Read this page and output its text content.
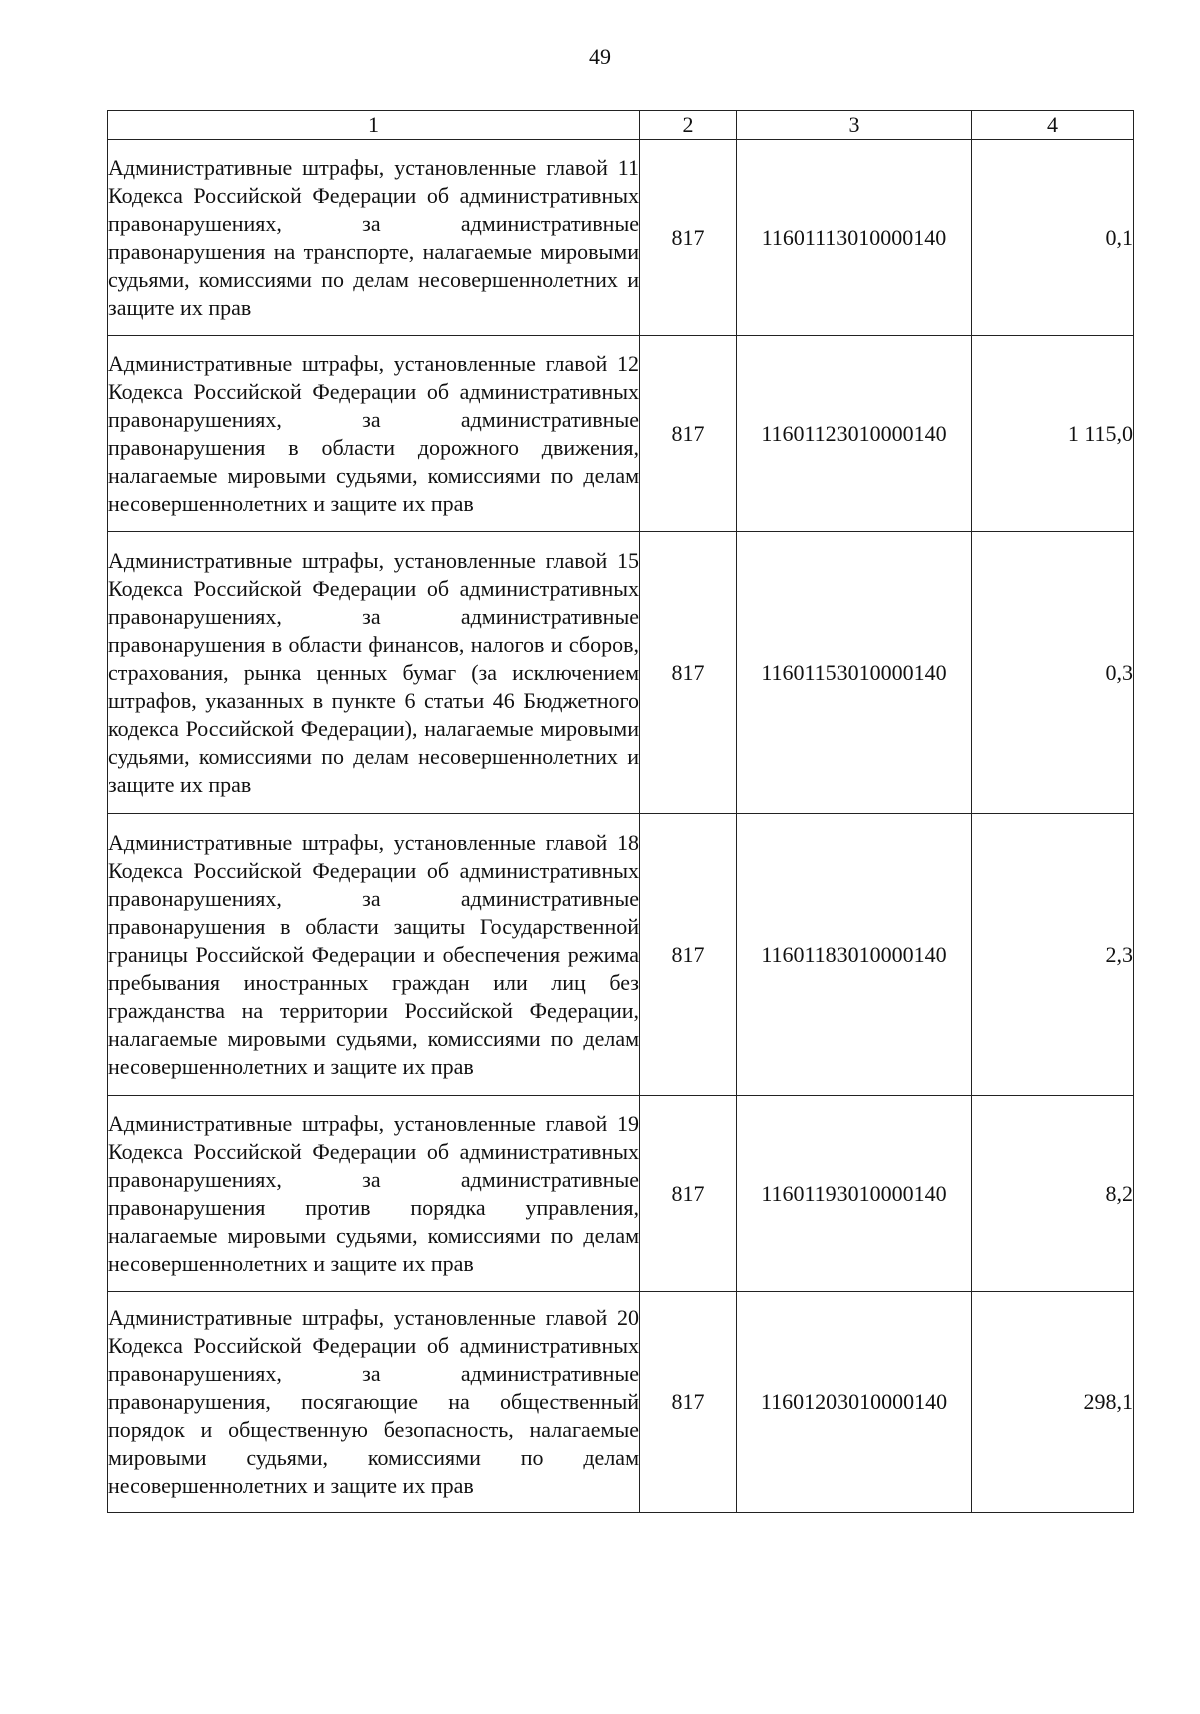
49
1	2	3	4
Административные штрафы, установленные главой 11 Кодекса Российской Федерации об административных правонарушениях, за административные правонарушения на транспорте, налагаемые мировыми судьями, комиссиями по делам несовершеннолетних и защите их прав	817	11601113010000140	0,1
Административные штрафы, установленные главой 12 Кодекса Российской Федерации об административных правонарушениях, за административные правонарушения в области дорожного движения, налагаемые мировыми судьями, комиссиями по делам несовершеннолетних и защите их прав	817	11601123010000140	1 115,0
Административные штрафы, установленные главой 15 Кодекса Российской Федерации об административных правонарушениях, за административные правонарушения в области финансов, налогов и сборов, страхования, рынка ценных бумаг (за исключением штрафов, указанных в пункте 6 статьи 46 Бюджетного кодекса Российской Федерации), налагаемые мировыми судьями, комиссиями по делам несовершеннолетних и защите их прав	817	11601153010000140	0,3
Административные штрафы, установленные главой 18 Кодекса Российской Федерации об административных правонарушениях, за административные правонарушения в области защиты Государственной границы Российской Федерации и обеспечения режима пребывания иностранных граждан или лиц без гражданства на территории Российской Федерации, налагаемые мировыми судьями, комиссиями по делам несовершеннолетних и защите их прав	817	11601183010000140	2,3
Административные штрафы, установленные главой 19 Кодекса Российской Федерации об административных правонарушениях, за административные правонарушения против порядка управления, налагаемые мировыми судьями, комиссиями по делам несовершеннолетних и защите их прав	817	11601193010000140	8,2
Административные штрафы, установленные главой 20 Кодекса Российской Федерации об административных правонарушениях, за административные правонарушения, посягающие на общественный порядок и общественную безопасность, налагаемые мировыми судьями, комиссиями по делам несовершеннолетних и защите их прав	817	11601203010000140	298,1
